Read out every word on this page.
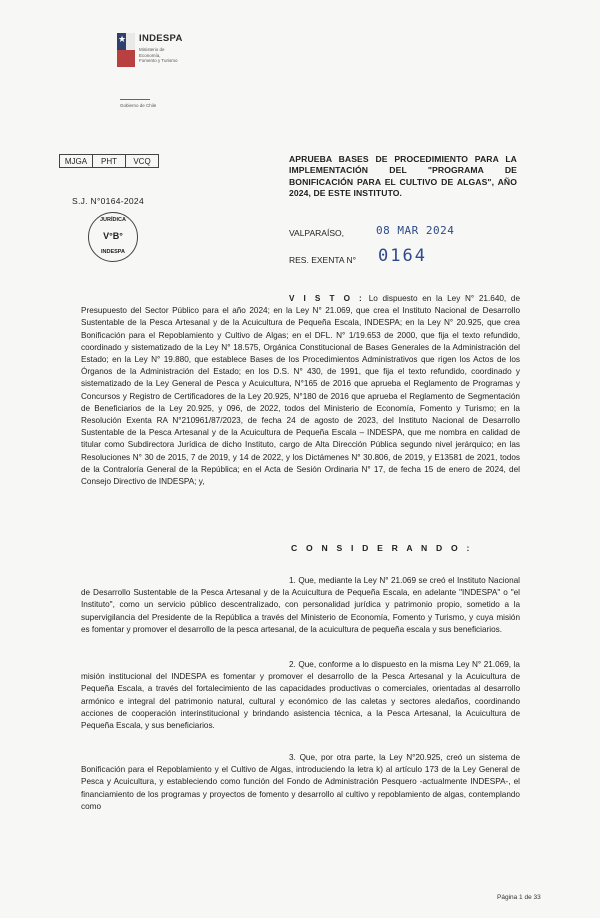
★ INDESPA
Ministerio de Economía, Fomento y Turismo
Gobierno de Chile
MJGA	PHT	VCQ
S.J. N°0164-2024
JURÍDICA
V°B°
INDESPA
APRUEBA BASES DE PROCEDIMIENTO PARA LA IMPLEMENTACIÓN DEL "PROGRAMA DE BONIFICACIÓN PARA EL CULTIVO DE ALGAS", AÑO 2024, DE ESTE INSTITUTO.
VALPARAÍSO,	08 MAR 2024
RES. EXENTA N° 0164

V I S T O : Lo dispuesto en la Ley N° 21.640, de Presupuesto del Sector Público para el año 2024; en la Ley N° 21.069, que crea el Instituto Nacional de Desarrollo Sustentable de la Pesca Artesanal y de la Acuicultura de Pequeña Escala, INDESPA; en la Ley N° 20.925, que crea Bonificación para el Repoblamiento y Cultivo de Algas; en el DFL. N° 1/19.653 de 2000, que fija el texto refundido, coordinado y sistematizado de la Ley N° 18.575, Orgánica Constitucional de Bases Generales de la Administración del Estado; en la Ley N° 19.880, que establece Bases de los Procedimientos Administrativos que rigen los Actos de los Órganos de la Administración del Estado; en los D.S. N° 430, de 1991, que fija el texto refundido, coordinado y sistematizado de la Ley General de Pesca y Acuicultura, N°165 de 2016 que aprueba el Reglamento de Programas y Concursos y Registro de Certificadores de la Ley 20.925, N°180 de 2016 que aprueba el Reglamento de Segmentación de Beneficiarios de la Ley 20.925, y 096, de 2022, todos del Ministerio de Economía, Fomento y Turismo; en la Resolución Exenta RA N°210961/87/2023, de fecha 24 de agosto de 2023, del Instituto Nacional de Desarrollo Sustentable de la Pesca Artesanal y de la Acuicultura de Pequeña Escala – INDESPA, que me nombra en calidad de titular como Subdirectora Jurídica de dicho Instituto, cargo de Alta Dirección Pública segundo nivel jerárquico; en las Resoluciones N° 30 de 2015, 7 de 2019, y 14 de 2022, y los Dictámenes N° 30.806, de 2019, y E13581 de 2021, todos de la Contraloría General de la República; en el Acta de Sesión Ordinaria N° 17, de fecha 15 de enero de 2024, del Consejo Directivo de INDESPA; y,

C O N S I D E R A N D O :

1. Que, mediante la Ley N° 21.069 se creó el Instituto Nacional de Desarrollo Sustentable de la Pesca Artesanal y de la Acuicultura de Pequeña Escala, en adelante "INDESPA" o "el Instituto", como un servicio público descentralizado, con personalidad jurídica y patrimonio propio, sometido a la supervigilancia del Presidente de la República a través del Ministerio de Economía, Fomento y Turismo, y cuya misión es fomentar y promover el desarrollo de la pesca artesanal, de la acuicultura de pequeña escala y sus beneficiarios.

2. Que, conforme a lo dispuesto en la misma Ley N° 21.069, la misión institucional del INDESPA es fomentar y promover el desarrollo de la Pesca Artesanal y la Acuicultura de Pequeña Escala, a través del fortalecimiento de las capacidades productivas o comerciales, orientadas al desarrollo armónico e integral del patrimonio natural, cultural y económico de las caletas y sectores aledaños, coordinando acciones de cooperación interinstitucional y brindando asistencia técnica, a la Pesca Artesanal, la Acuicultura de Pequeña Escala, y sus beneficiarios.

3. Que, por otra parte, la Ley N°20.925, creó un sistema de Bonificación para el Repoblamiento y el Cultivo de Algas, introduciendo la letra k) al artículo 173 de la Ley General de Pesca y Acuicultura, y estableciendo como función del Fondo de Administración Pesquero -actualmente INDESPA-, el financiamiento de los programas y proyectos de fomento y desarrollo al cultivo y repoblamiento de algas, contemplando como

Página 1 de 33
